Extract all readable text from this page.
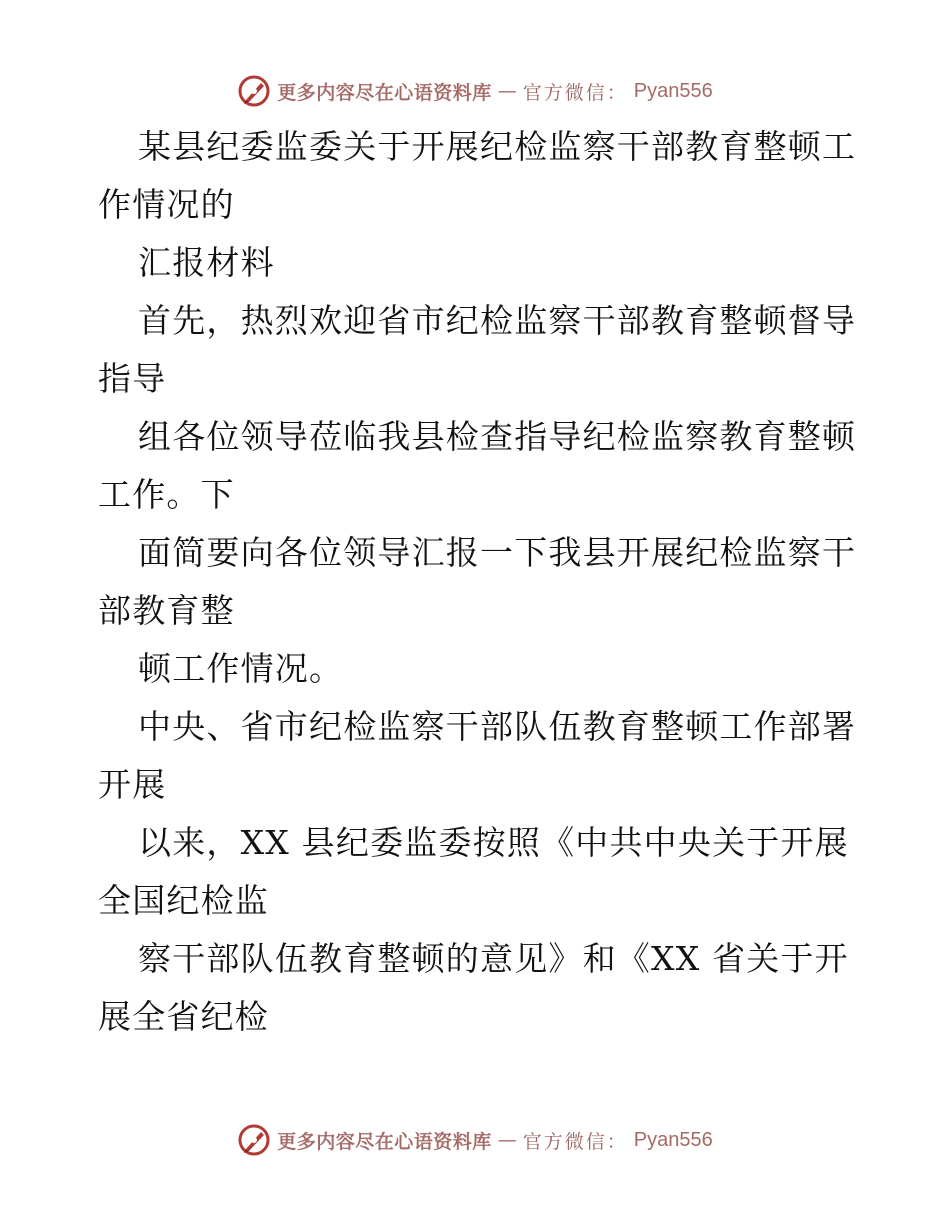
更多内容尽在心语资料库 — 官方微信： Pyan556
某县纪委监委关于开展纪检监察干部教育整顿工
作情况的
汇报材料
首先，热烈欢迎省市纪检监察干部教育整顿督导
指导
组各位领导莅临我县检查指导纪检监察教育整顿
工作。下
面简要向各位领导汇报一下我县开展纪检监察干
部教育整
顿工作情况。
中央、省市纪检监察干部队伍教育整顿工作部署
开展
以来，XX 县纪委监委按照《中共中央关于开展
全国纪检监
察干部队伍教育整顿的意见》和《XX 省关于开
展全省纪检
更多内容尽在心语资料库 — 官方微信： Pyan556
